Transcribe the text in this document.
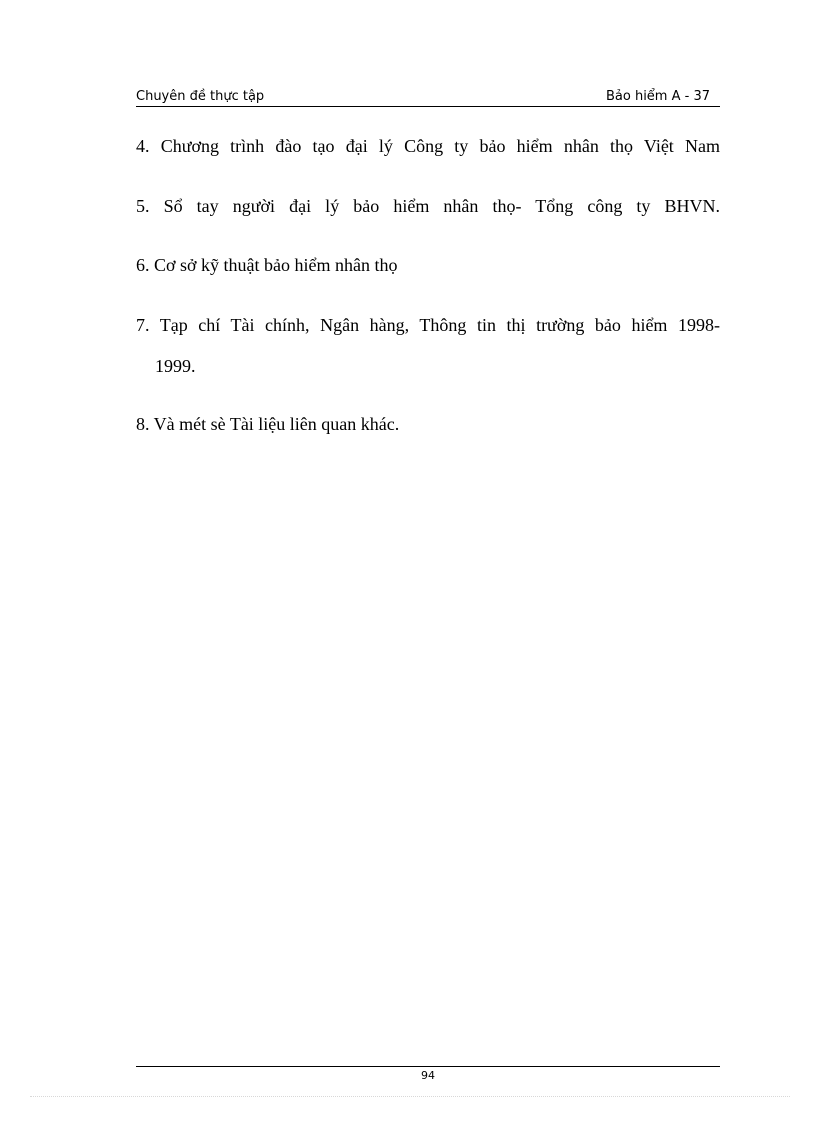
Chuyên đề thực tập	Bảo hiểm A - 37
4. Chương trình đào tạo đại lý Công ty bảo hiểm nhân thọ Việt Nam
5. Sổ tay người đại lý bảo hiểm nhân thọ- Tổng công ty BHVN.
6. Cơ sở kỹ thuật bảo hiểm nhân thọ
7. Tạp chí Tài chính, Ngân hàng, Thông tin thị trường bảo hiểm 1998-
1999.
8. Và mét sè Tài liệu liên quan khác.
94
